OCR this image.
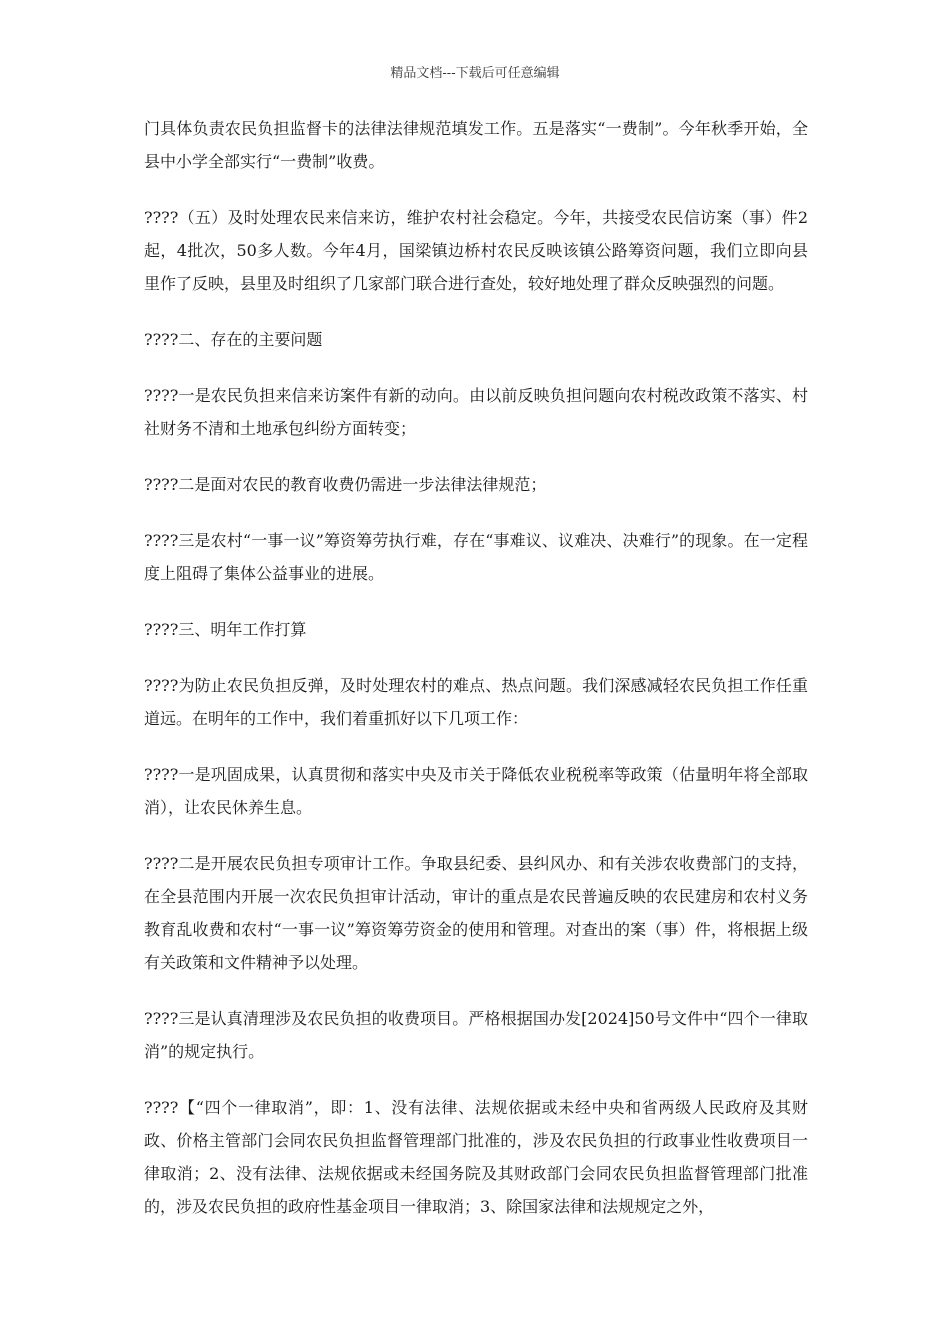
精品文档---下载后可任意编辑

门具体负责农民负担监督卡的法律法律规范填发工作。五是落实“一费制”。今年秋季开始，全县中小学全部实行“一费制”收费。

????（五）及时处理农民来信来访，维护农村社会稳定。今年，共接受农民信访案（事）件2起，4批次，50多人数。今年4月，国梁镇边桥村农民反映该镇公路筹资问题，我们立即向县里作了反映，县里及时组织了几家部门联合进行查处，较好地处理了群众反映强烈的问题。

????二、存在的主要问题

????一是农民负担来信来访案件有新的动向。由以前反映负担问题向农村税改政策不落实、村社财务不清和土地承包纠纷方面转变；

????二是面对农民的教育收费仍需进一步法律法律规范；

????三是农村“一事一议”筹资筹劳执行难，存在“事难议、议难决、决难行”的现象。在一定程度上阻碍了集体公益事业的进展。

????三、明年工作打算

????为防止农民负担反弹，及时处理农村的难点、热点问题。我们深感减轻农民负担工作任重道远。在明年的工作中，我们着重抓好以下几项工作：

????一是巩固成果，认真贯彻和落实中央及市关于降低农业税税率等政策（估量明年将全部取消），让农民休养生息。

????二是开展农民负担专项审计工作。争取县纪委、县纠风办、和有关涉农收费部门的支持，在全县范围内开展一次农民负担审计活动，审计的重点是农民普遍反映的农民建房和农村义务教育乱收费和农村“一事一议”筹资筹劳资金的使用和管理。对查出的案（事）件，将根据上级有关政策和文件精神予以处理。

????三是认真清理涉及农民负担的收费项目。严格根据国办发[2024]50号文件中“四个一律取消”的规定执行。

????【“四个一律取消”，即：1、没有法律、法规依据或未经中央和省两级人民政府及其财政、价格主管部门会同农民负担监督管理部门批准的，涉及农民负担的行政事业性收费项目一律取消；2、没有法律、法规依据或未经国务院及其财政部门会同农民负担监督管理部门批准的，涉及农民负担的政府性基金项目一律取消；3、除国家法律和法规规定之外，
